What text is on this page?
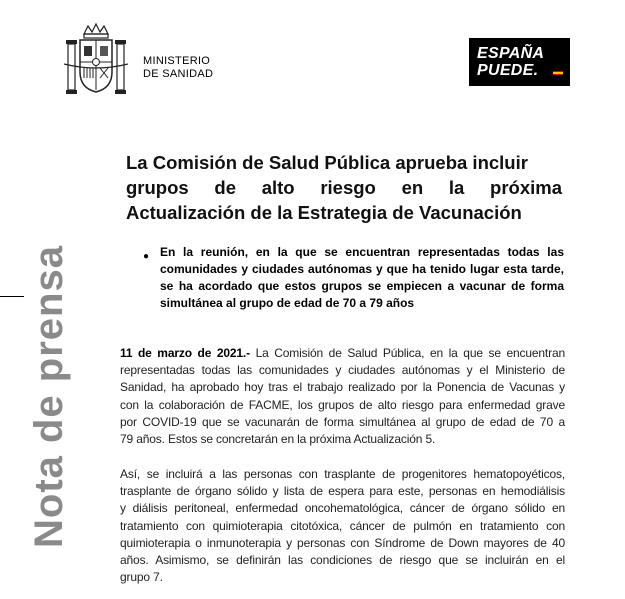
MINISTERIO
DE SANIDAD
ESPAÑA
PUEDE.
Nota de prensa
La Comisión de Salud Pública aprueba incluir
grupos de alto riesgo en la próxima
Actualización de la Estrategia de Vacunación
● En la reunión, en la que se encuentran representadas todas las
comunidades y ciudades autónomas y que ha tenido lugar esta tarde,
se ha acordado que estos grupos se empiecen a vacunar de forma
simultánea al grupo de edad de 70 a 79 años
11 de marzo de 2021.- La Comisión de Salud Pública, en la que se encuentran
representadas todas las comunidades y ciudades autónomas y el Ministerio de
Sanidad, ha aprobado hoy tras el trabajo realizado por la Ponencia de Vacunas y
con la colaboración de FACME, los grupos de alto riesgo para enfermedad grave
por COVID-19 que se vacunarán de forma simultánea al grupo de edad de 70 a
79 años. Estos se concretarán en la próxima Actualización 5.
Así, se incluirá a las personas con trasplante de progenitores hematopoyéticos,
trasplante de órgano sólido y lista de espera para este, personas en hemodiálisis
y diálisis peritoneal, enfermedad oncohematológica, cáncer de órgano sólido en
tratamiento con quimioterapia citotóxica, cáncer de pulmón en tratamiento con
quimioterapia o inmunoterapia y personas con Síndrome de Down mayores de 40
años. Asimismo, se definirán las condiciones de riesgo que se incluirán en el
grupo 7.
